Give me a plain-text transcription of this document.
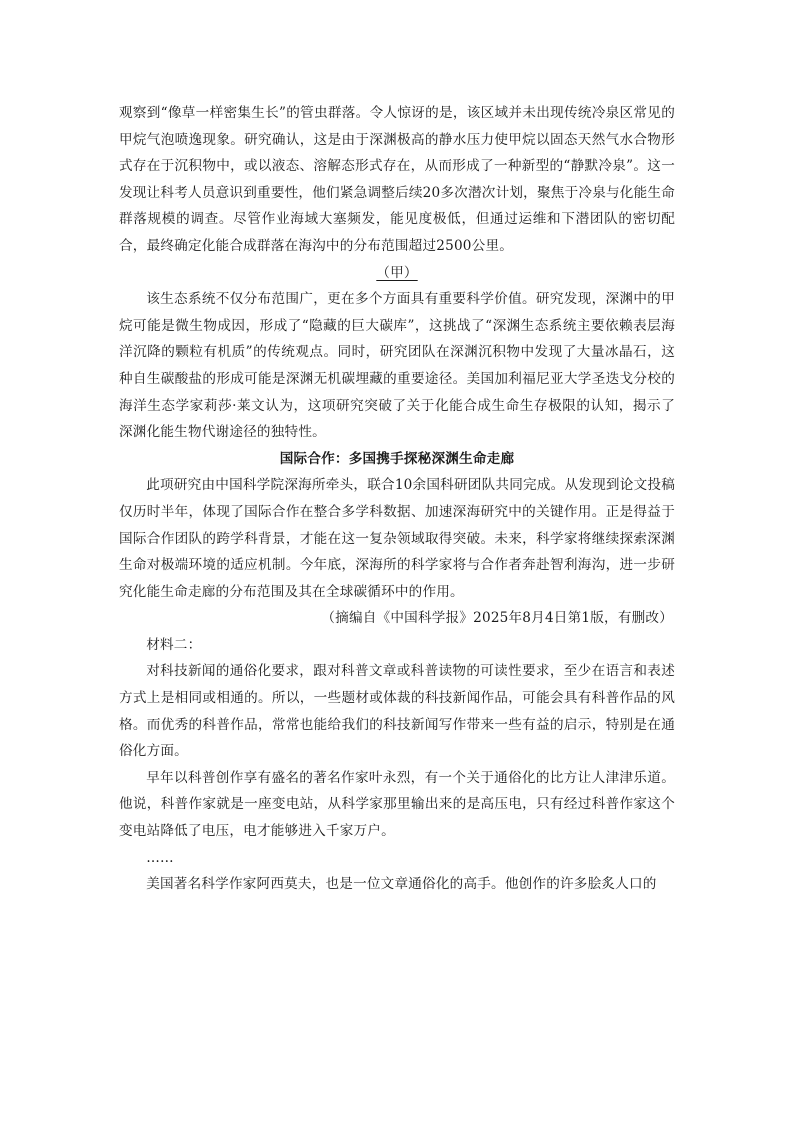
观察到“像草一样密集生长”的管虫群落。令人惊讶的是，该区域并未出现传统冷泉区常见的甲烷气泡喷逸现象。研究确认，这是由于深渊极高的静水压力使甲烷以固态天然气水合物形式存在于沉积物中，或以液态、溶解态形式存在，从而形成了一种新型的“静默冷泉”。这一发现让科考人员意识到重要性，他们紧急调整后续20多次潜次计划，聚焦于冷泉与化能生命群落规模的调查。尽管作业海域大塞频发，能见度极低，但通过运维和下潜团队的密切配合，最终确定化能合成群落在海沟中的分布范围超过2500公里。

（甲）

该生态系统不仅分布范围广，更在多个方面具有重要科学价值。研究发现，深渊中的甲烷可能是微生物成因，形成了“隐藏的巨大碳库”，这挑战了“深渊生态系统主要依赖表层海洋沉降的颗粒有机质”的传统观点。同时，研究团队在深渊沉积物中发现了大量冰晶石，这种自生碳酸盐的形成可能是深渊无机碳埋藏的重要途径。美国加利福尼亚大学圣迭戈分校的海洋生态学家莉莎·莱文认为，这项研究突破了关于化能合成生命生存极限的认知，揭示了深渊化能生物代谢途径的独特性。

国际合作：多国携手探秘深渊生命走廊

此项研究由中国科学院深海所牵头，联合10余国科研团队共同完成。从发现到论文投稿仅历时半年，体现了国际合作在整合多学科数据、加速深海研究中的关键作用。正是得益于国际合作团队的跨学科背景，才能在这一复杂领域取得突破。未来，科学家将继续探索深渊生命对极端环境的适应机制。今年底，深海所的科学家将与合作者奔赴智利海沟，进一步研究化能生命走廊的分布范围及其在全球碳循环中的作用。

（摘编自《中国科学报》2025年8月4日第1版，有删改）

材料二：

对科技新闻的通俗化要求，跟对科普文章或科普读物的可读性要求，至少在语言和表述方式上是相同或相通的。所以，一些题材或体裁的科技新闻作品，可能会具有科普作品的风格。而优秀的科普作品，常常也能给我们的科技新闻写作带来一些有益的启示，特别是在通俗化方面。

早年以科普创作享有盛名的著名作家叶永烈，有一个关于通俗化的比方让人津津乐道。他说，科普作家就是一座变电站，从科学家那里输出来的是高压电，只有经过科普作家这个变电站降低了电压，电才能够进入千家万户。

……

美国著名科学作家阿西莫夫，也是一位文章通俗化的高手。他创作的许多脍炙人口的
